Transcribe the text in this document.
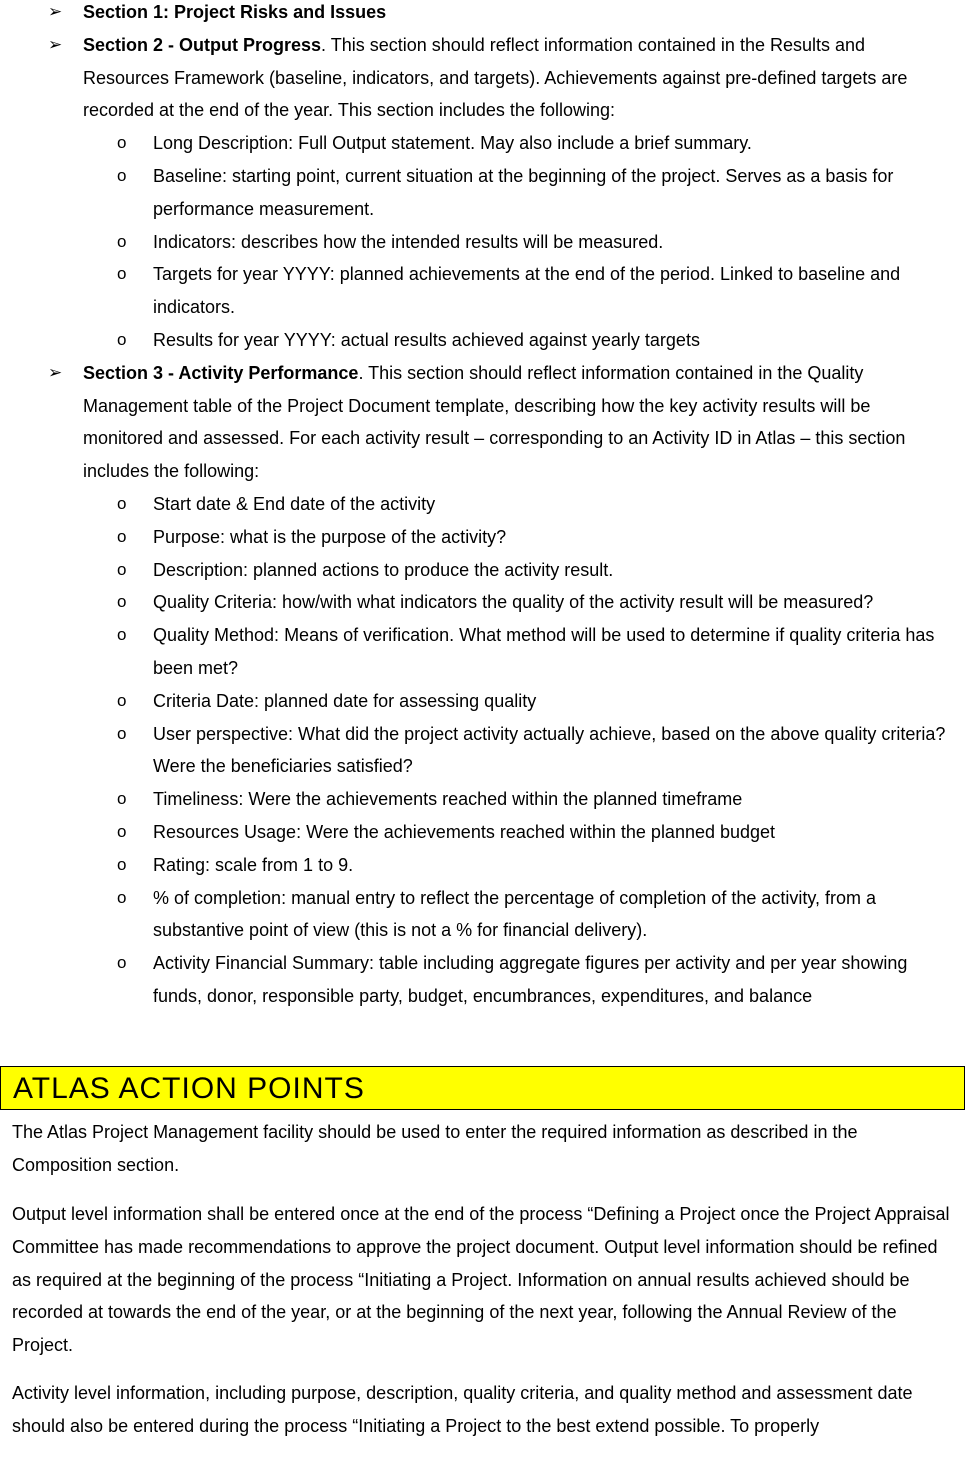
➢	Section 1: Project Risks and Issues
➢	Section 2 - Output Progress. This section should reflect information contained in the Results and Resources Framework (baseline, indicators, and targets). Achievements against pre-defined targets are recorded at the end of the year. This section includes the following:
o Long Description: Full Output statement. May also include a brief summary.
o Baseline: starting point, current situation at the beginning of the project. Serves as a basis for performance measurement.
o Indicators: describes how the intended results will be measured.
o Targets for year YYYY: planned achievements at the end of the period. Linked to baseline and indicators.
o Results for year YYYY: actual results achieved against yearly targets
➢	Section 3 - Activity Performance. This section should reflect information contained in the Quality Management table of the Project Document template, describing how the key activity results will be monitored and assessed. For each activity result – corresponding to an Activity ID in Atlas – this section includes the following:
o Start date & End date of the activity
o Purpose: what is the purpose of the activity?
o Description: planned actions to produce the activity result.
o Quality Criteria: how/with what indicators the quality of the activity result will be measured?
o Quality Method: Means of verification. What method will be used to determine if quality criteria has been met?
o Criteria Date: planned date for assessing quality
o User perspective: What did the project activity actually achieve, based on the above quality criteria? Were the beneficiaries satisfied?
o Timeliness: Were the achievements reached within the planned timeframe
o Resources Usage: Were the achievements reached within the planned budget
o Rating: scale from 1 to 9.
o % of completion: manual entry to reflect the percentage of completion of the activity, from a substantive point of view (this is not a % for financial delivery).
o Activity Financial Summary: table including aggregate figures per activity and per year showing funds, donor, responsible party, budget, encumbrances, expenditures, and balance
ATLAS ACTION POINTS

The Atlas Project Management facility should be used to enter the required information as described in the Composition section.

Output level information shall be entered once at the end of the process “Defining a Project once the Project Appraisal Committee has made recommendations to approve the project document. Output level information should be refined as required at the beginning of the process “Initiating a Project. Information on annual results achieved should be recorded at towards the end of the year, or at the beginning of the next year, following the Annual Review of the Project.

Activity level information, including purpose, description, quality criteria, and quality method and assessment date should also be entered during the process “Initiating a Project to the best extend possible. To properly
